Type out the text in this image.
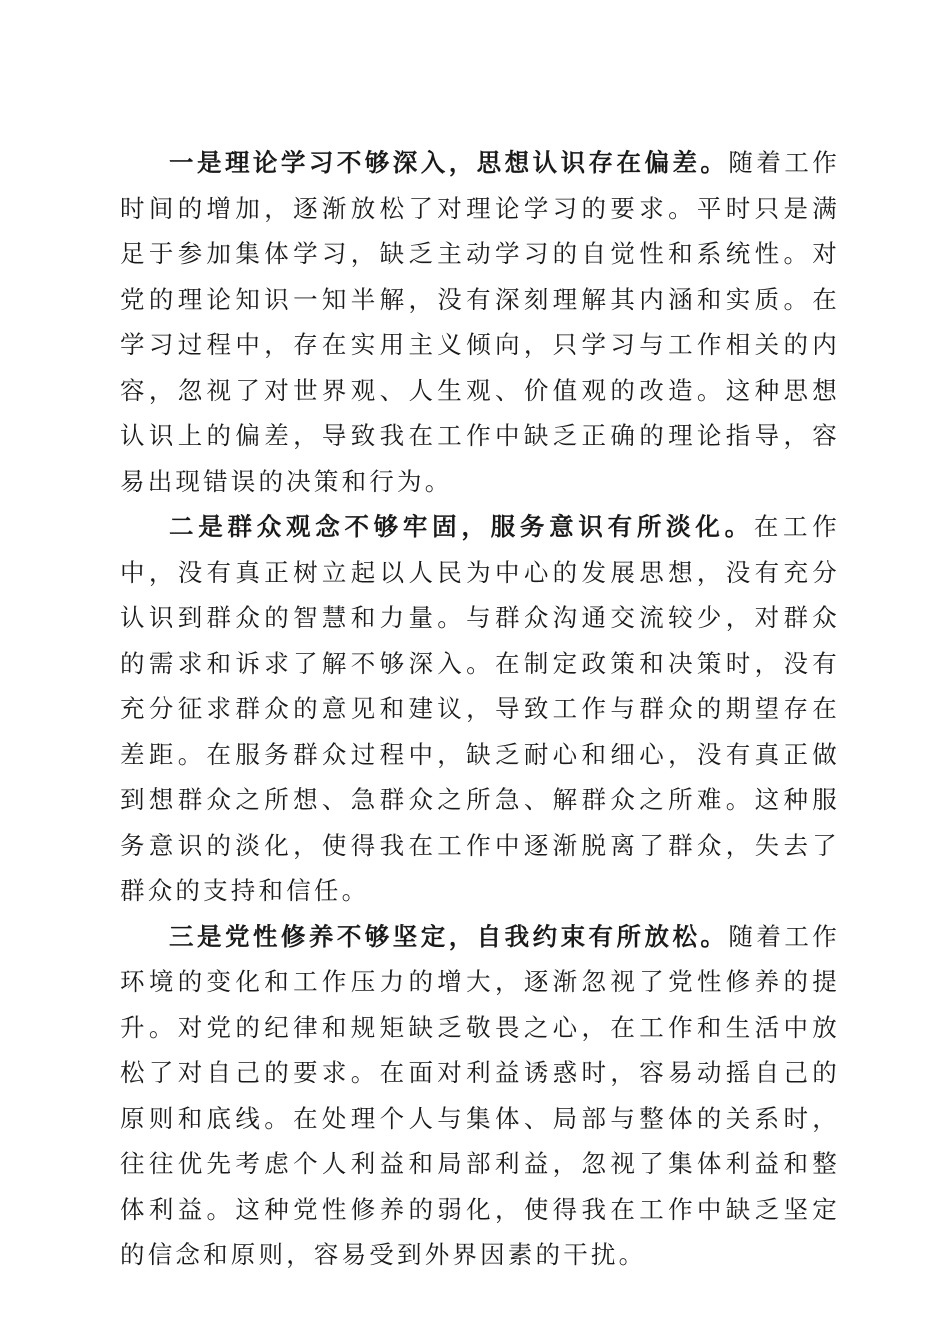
一是理论学习不够深入，思想认识存在偏差。随着工作时间的增加，逐渐放松了对理论学习的要求。平时只是满足于参加集体学习，缺乏主动学习的自觉性和系统性。对党的理论知识一知半解，没有深刻理解其内涵和实质。在学习过程中，存在实用主义倾向，只学习与工作相关的内容，忽视了对世界观、人生观、价值观的改造。这种思想认识上的偏差，导致我在工作中缺乏正确的理论指导，容易出现错误的决策和行为。

二是群众观念不够牢固，服务意识有所淡化。在工作中，没有真正树立起以人民为中心的发展思想，没有充分认识到群众的智慧和力量。与群众沟通交流较少，对群众的需求和诉求了解不够深入。在制定政策和决策时，没有充分征求群众的意见和建议，导致工作与群众的期望存在差距。在服务群众过程中，缺乏耐心和细心，没有真正做到想群众之所想、急群众之所急、解群众之所难。这种服务意识的淡化，使得我在工作中逐渐脱离了群众，失去了群众的支持和信任。

三是党性修养不够坚定，自我约束有所放松。随着工作环境的变化和工作压力的增大，逐渐忽视了党性修养的提升。对党的纪律和规矩缺乏敬畏之心，在工作和生活中放松了对自己的要求。在面对利益诱惑时，容易动摇自己的原则和底线。在处理个人与集体、局部与整体的关系时，往往优先考虑个人利益和局部利益，忽视了集体利益和整体利益。这种党性修养的弱化，使得我在工作中缺乏坚定的信念和原则，容易受到外界因素的干扰。
